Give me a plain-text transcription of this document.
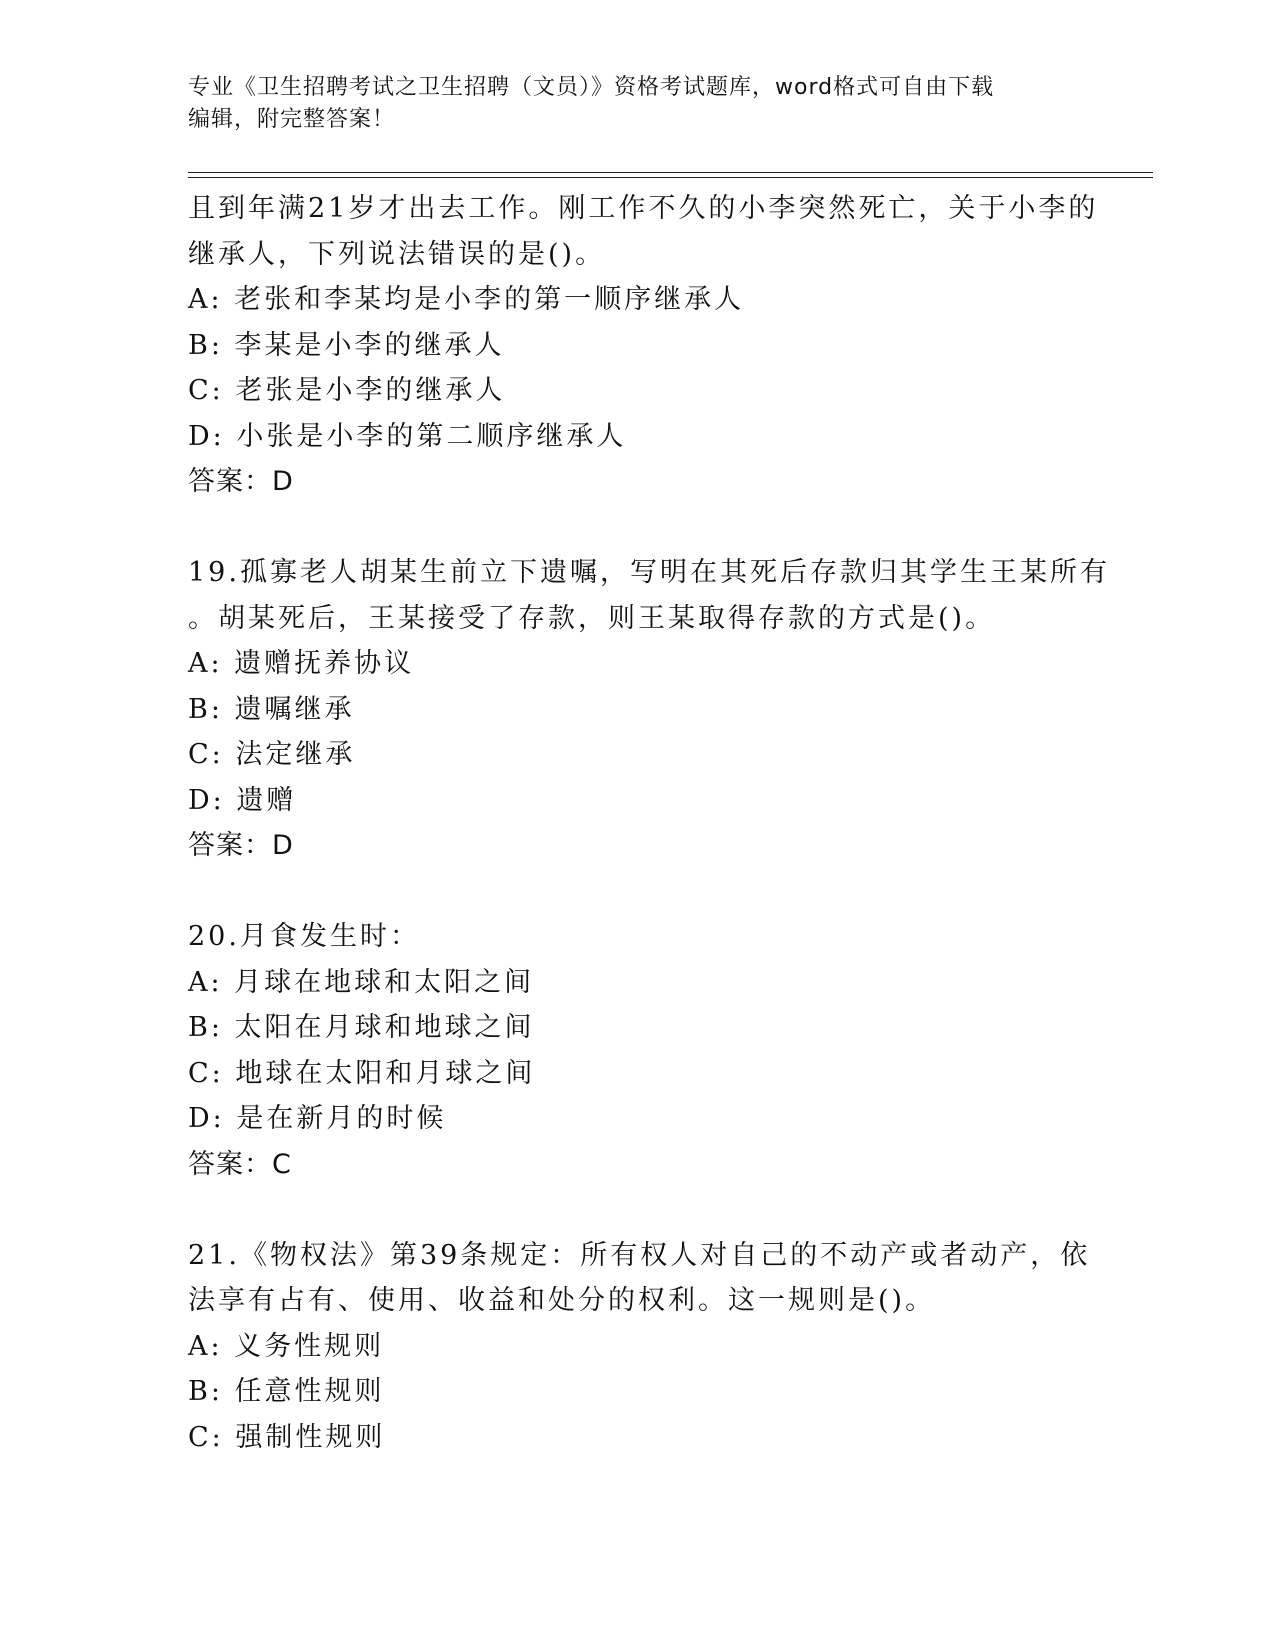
专业《卫生招聘考试之卫生招聘（文员）》资格考试题库，word格式可自由下载
编辑，附完整答案！
且到年满21岁才出去工作。刚工作不久的小李突然死亡，关于小李的
继承人，下列说法错误的是()。
A: 老张和李某均是小李的第一顺序继承人
B: 李某是小李的继承人
C: 老张是小李的继承人
D: 小张是小李的第二顺序继承人
答案：D
19.孤寡老人胡某生前立下遗嘱，写明在其死后存款归其学生王某所有
。胡某死后，王某接受了存款，则王某取得存款的方式是()。
A: 遗赠抚养协议
B: 遗嘱继承
C: 法定继承
D: 遗赠
答案：D
20.月食发生时：
A: 月球在地球和太阳之间
B: 太阳在月球和地球之间
C: 地球在太阳和月球之间
D: 是在新月的时候
答案：C
21.《物权法》第39条规定：所有权人对自己的不动产或者动产，依
法享有占有、使用、收益和处分的权利。这一规则是()。
A: 义务性规则
B: 任意性规则
C: 强制性规则
